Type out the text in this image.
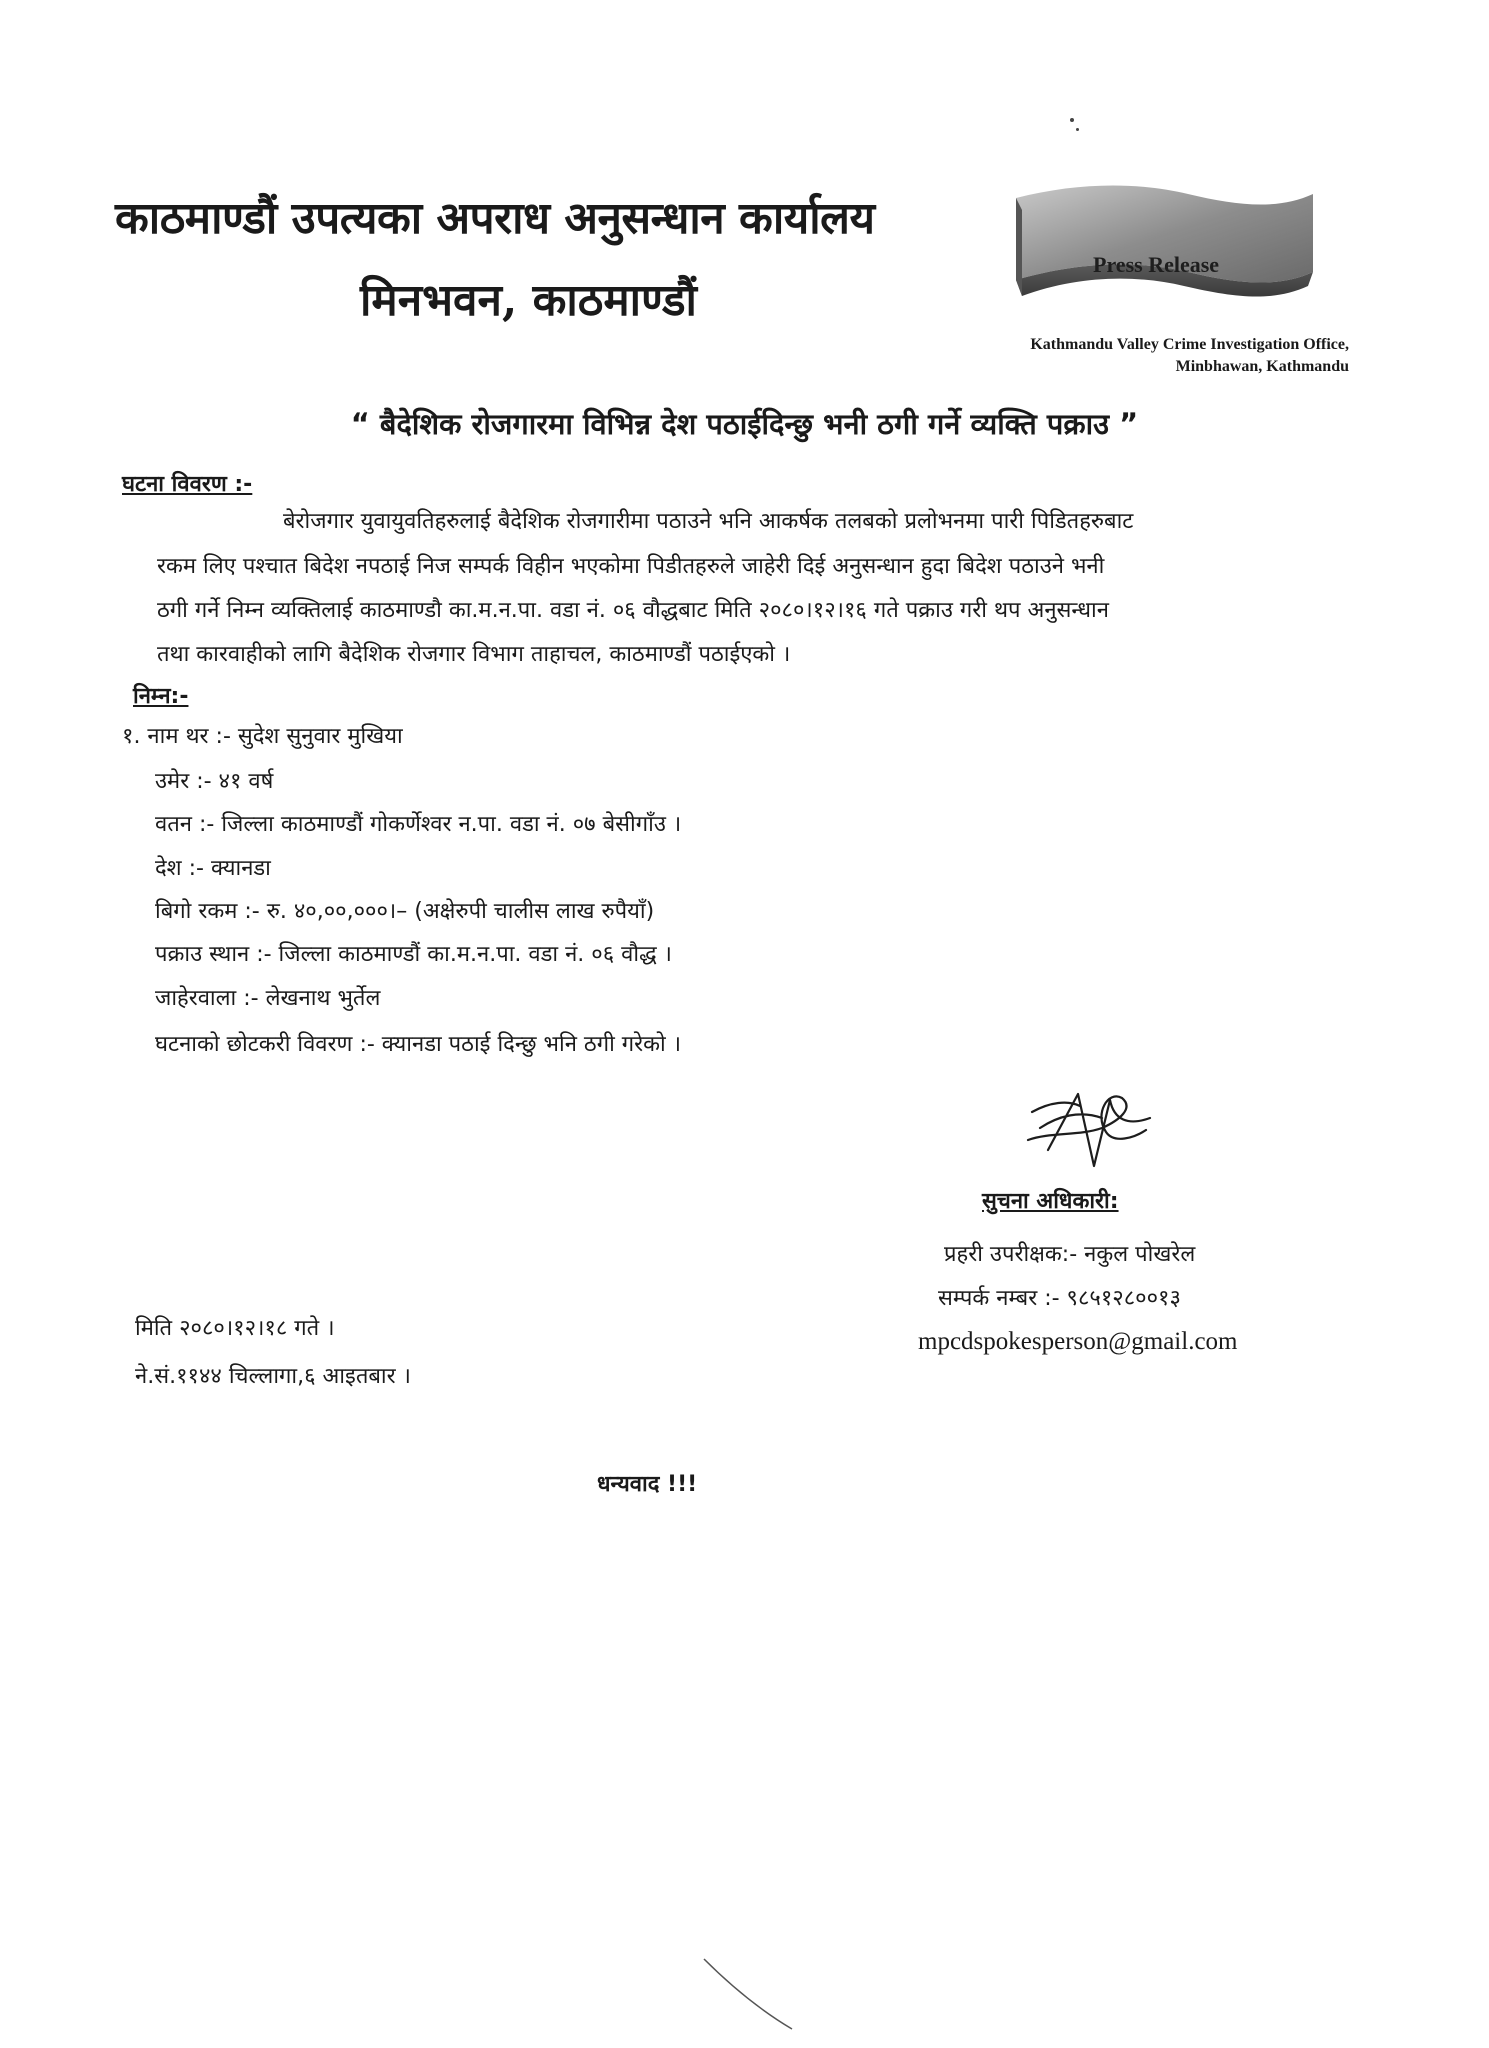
काठमाण्डौं उपत्यका अपराध अनुसन्धान कार्यालय
मिनभवन, काठमाण्डौं
Press Release
Kathmandu Valley Crime Investigation Office,
Minbhawan, Kathmandu
“ बैदेशिक रोजगारमा विभिन्न देश पठाईदिन्छु भनी ठगी गर्ने व्यक्ति पक्राउ ”
घटना विवरण :-
बेरोजगार युवायुवतिहरुलाई बैदेशिक रोजगारीमा पठाउने भनि आकर्षक तलबको प्रलोभनमा पारी पिडितहरुबाट
रकम लिए पश्चात बिदेश नपठाई निज सम्पर्क विहीन भएकोमा पिडीतहरुले जाहेरी दिई अनुसन्धान हुदा बिदेश पठाउने भनी
ठगी गर्ने निम्न व्यक्तिलाई काठमाण्डौ का.म.न.पा. वडा नं. ०६ वौद्धबाट मिति २०८०।१२।१६ गते पक्राउ गरी थप अनुसन्धान
तथा कारवाहीको लागि बैदेशिक रोजगार विभाग ताहाचल, काठमाण्डौं पठाईएको ।
निम्न:-
१. नाम थर :- सुदेश सुनुवार मुखिया
उमेर :- ४१ वर्ष
वतन :- जिल्ला काठमाण्डौं गोकर्णेश्वर न.पा. वडा नं. ०७ बेसीगाँउ ।
देश :- क्यानडा
बिगो रकम :- रु. ४०,००,०००।– (अक्षेरुपी चालीस लाख रुपैयाँ)
पक्राउ स्थान :- जिल्ला काठमाण्डौं का.म.न.पा. वडा नं. ०६ वौद्ध ।
जाहेरवाला :- लेखनाथ भुर्तेल
घटनाको छोटकरी विवरण :- क्यानडा पठाई दिन्छु भनि ठगी गरेको ।
सुचना अधिकारी:
प्रहरी उपरीक्षक:- नकुल पोखरेल
सम्पर्क नम्बर :- ९८५१२८००१३
mpcdspokesperson@gmail.com
मिति २०८०।१२।१८ गते ।
ने.सं.११४४ चिल्लागा,६ आइतबार ।
धन्यवाद !!!
